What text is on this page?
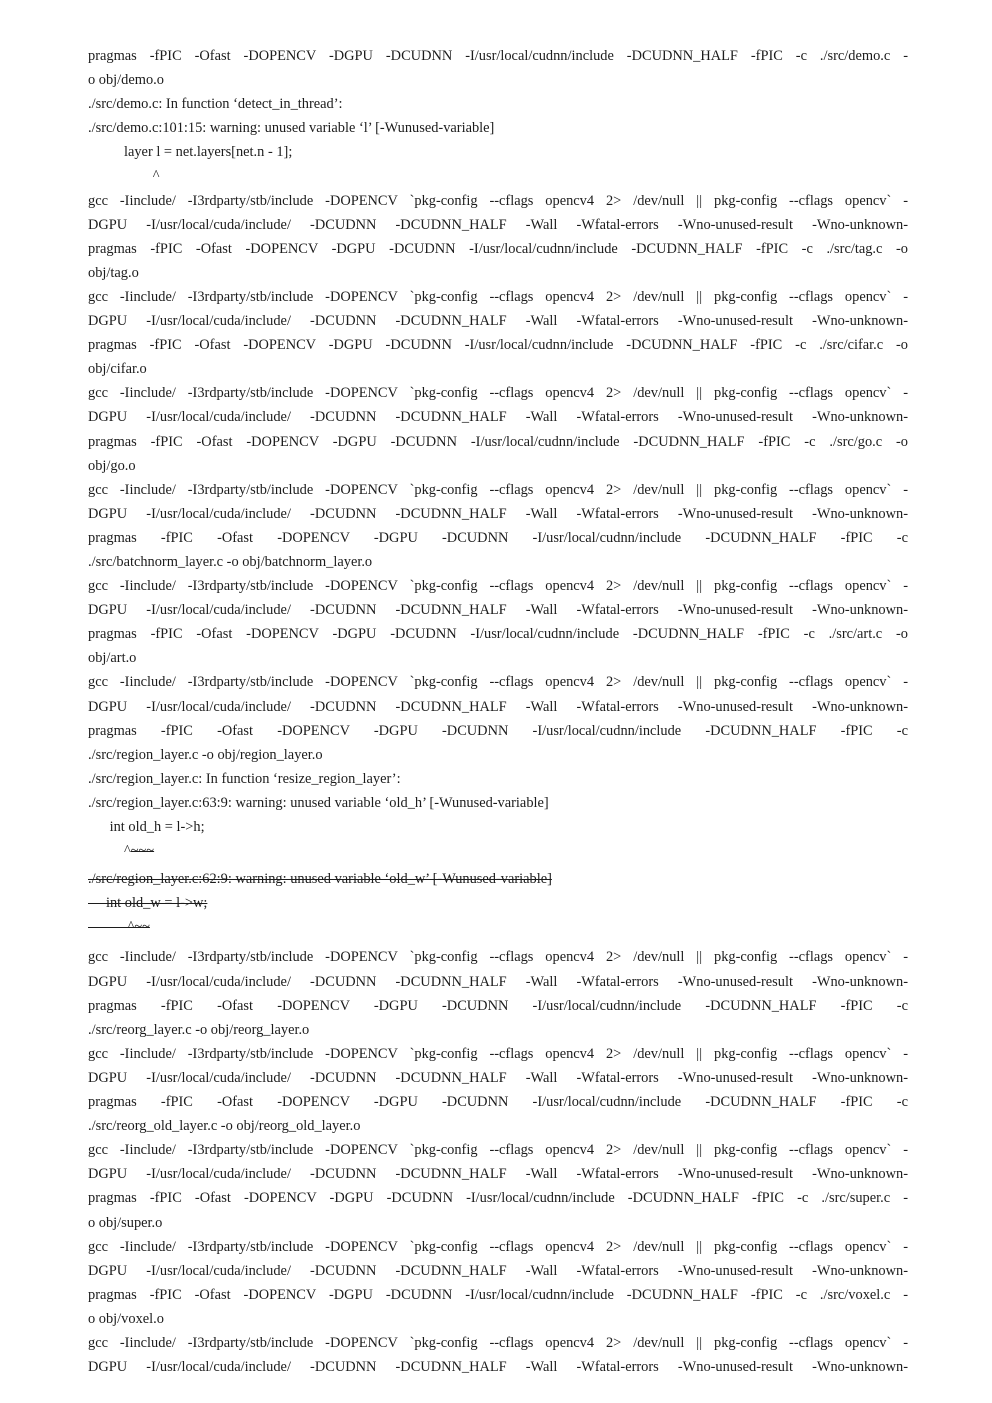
pragmas -fPIC -Ofast -DOPENCV -DGPU -DCUDNN -I/usr/local/cudnn/include -DCUDNN_HALF -fPIC -c ./src/demo.c -
o obj/demo.o
./src/demo.c: In function ‘detect_in_thread’:
./src/demo.c:101:15: warning: unused variable ‘l’ [-Wunused-variable]
layer l = net.layers[net.n - 1];
^
gcc -Iinclude/ -I3rdparty/stb/include -DOPENCV `pkg-config --cflags opencv4 2> /dev/null || pkg-config --cflags opencv` -
DGPU -I/usr/local/cuda/include/ -DCUDNN -DCUDNN_HALF -Wall -Wfatal-errors -Wno-unused-result -Wno-unknown-
pragmas -fPIC -Ofast -DOPENCV -DGPU -DCUDNN -I/usr/local/cudnn/include -DCUDNN_HALF -fPIC -c ./src/tag.c -o
obj/tag.o
gcc -Iinclude/ -I3rdparty/stb/include -DOPENCV `pkg-config --cflags opencv4 2> /dev/null || pkg-config --cflags opencv` -
DGPU -I/usr/local/cuda/include/ -DCUDNN -DCUDNN_HALF -Wall -Wfatal-errors -Wno-unused-result -Wno-unknown-
pragmas -fPIC -Ofast -DOPENCV -DGPU -DCUDNN -I/usr/local/cudnn/include -DCUDNN_HALF -fPIC -c ./src/cifar.c -o
obj/cifar.o
gcc -Iinclude/ -I3rdparty/stb/include -DOPENCV `pkg-config --cflags opencv4 2> /dev/null || pkg-config --cflags opencv` -
DGPU -I/usr/local/cuda/include/ -DCUDNN -DCUDNN_HALF -Wall -Wfatal-errors -Wno-unused-result -Wno-unknown-
pragmas -fPIC -Ofast -DOPENCV -DGPU -DCUDNN -I/usr/local/cudnn/include -DCUDNN_HALF -fPIC -c ./src/go.c -o
obj/go.o
gcc -Iinclude/ -I3rdparty/stb/include -DOPENCV `pkg-config --cflags opencv4 2> /dev/null || pkg-config --cflags opencv` -
DGPU -I/usr/local/cuda/include/ -DCUDNN -DCUDNN_HALF -Wall -Wfatal-errors -Wno-unused-result -Wno-unknown-
pragmas -fPIC -Ofast -DOPENCV -DGPU -DCUDNN -I/usr/local/cudnn/include -DCUDNN_HALF -fPIC -c
./src/batchnorm_layer.c -o obj/batchnorm_layer.o
gcc -Iinclude/ -I3rdparty/stb/include -DOPENCV `pkg-config --cflags opencv4 2> /dev/null || pkg-config --cflags opencv` -
DGPU -I/usr/local/cuda/include/ -DCUDNN -DCUDNN_HALF -Wall -Wfatal-errors -Wno-unused-result -Wno-unknown-
pragmas -fPIC -Ofast -DOPENCV -DGPU -DCUDNN -I/usr/local/cudnn/include -DCUDNN_HALF -fPIC -c ./src/art.c -o
obj/art.o
gcc -Iinclude/ -I3rdparty/stb/include -DOPENCV `pkg-config --cflags opencv4 2> /dev/null || pkg-config --cflags opencv` -
DGPU -I/usr/local/cuda/include/ -DCUDNN -DCUDNN_HALF -Wall -Wfatal-errors -Wno-unused-result -Wno-unknown-
pragmas -fPIC -Ofast -DOPENCV -DGPU -DCUDNN -I/usr/local/cudnn/include -DCUDNN_HALF -fPIC -c
./src/region_layer.c -o obj/region_layer.o
./src/region_layer.c: In function ‘resize_region_layer’:
./src/region_layer.c:63:9: warning: unused variable ‘old_h’ [-Wunused-variable]
int old_h = l->h;
^~~~
./src/region_layer.c:62:9: warning: unused variable ‘old_w’ [-Wunused-variable]
int old_w = l->w;
^~~
gcc -Iinclude/ -I3rdparty/stb/include -DOPENCV `pkg-config --cflags opencv4 2> /dev/null || pkg-config --cflags opencv` -
DGPU -I/usr/local/cuda/include/ -DCUDNN -DCUDNN_HALF -Wall -Wfatal-errors -Wno-unused-result -Wno-unknown-
pragmas -fPIC -Ofast -DOPENCV -DGPU -DCUDNN -I/usr/local/cudnn/include -DCUDNN_HALF -fPIC -c
./src/reorg_layer.c -o obj/reorg_layer.o
gcc -Iinclude/ -I3rdparty/stb/include -DOPENCV `pkg-config --cflags opencv4 2> /dev/null || pkg-config --cflags opencv` -
DGPU -I/usr/local/cuda/include/ -DCUDNN -DCUDNN_HALF -Wall -Wfatal-errors -Wno-unused-result -Wno-unknown-
pragmas -fPIC -Ofast -DOPENCV -DGPU -DCUDNN -I/usr/local/cudnn/include -DCUDNN_HALF -fPIC -c
./src/reorg_old_layer.c -o obj/reorg_old_layer.o
gcc -Iinclude/ -I3rdparty/stb/include -DOPENCV `pkg-config --cflags opencv4 2> /dev/null || pkg-config --cflags opencv` -
DGPU -I/usr/local/cuda/include/ -DCUDNN -DCUDNN_HALF -Wall -Wfatal-errors -Wno-unused-result -Wno-unknown-
pragmas -fPIC -Ofast -DOPENCV -DGPU -DCUDNN -I/usr/local/cudnn/include -DCUDNN_HALF -fPIC -c ./src/super.c -
o obj/super.o
gcc -Iinclude/ -I3rdparty/stb/include -DOPENCV `pkg-config --cflags opencv4 2> /dev/null || pkg-config --cflags opencv` -
DGPU -I/usr/local/cuda/include/ -DCUDNN -DCUDNN_HALF -Wall -Wfatal-errors -Wno-unused-result -Wno-unknown-
pragmas -fPIC -Ofast -DOPENCV -DGPU -DCUDNN -I/usr/local/cudnn/include -DCUDNN_HALF -fPIC -c ./src/voxel.c -
o obj/voxel.o
gcc -Iinclude/ -I3rdparty/stb/include -DOPENCV `pkg-config --cflags opencv4 2> /dev/null || pkg-config --cflags opencv` -
DGPU -I/usr/local/cuda/include/ -DCUDNN -DCUDNN_HALF -Wall -Wfatal-errors -Wno-unused-result -Wno-unknown-
